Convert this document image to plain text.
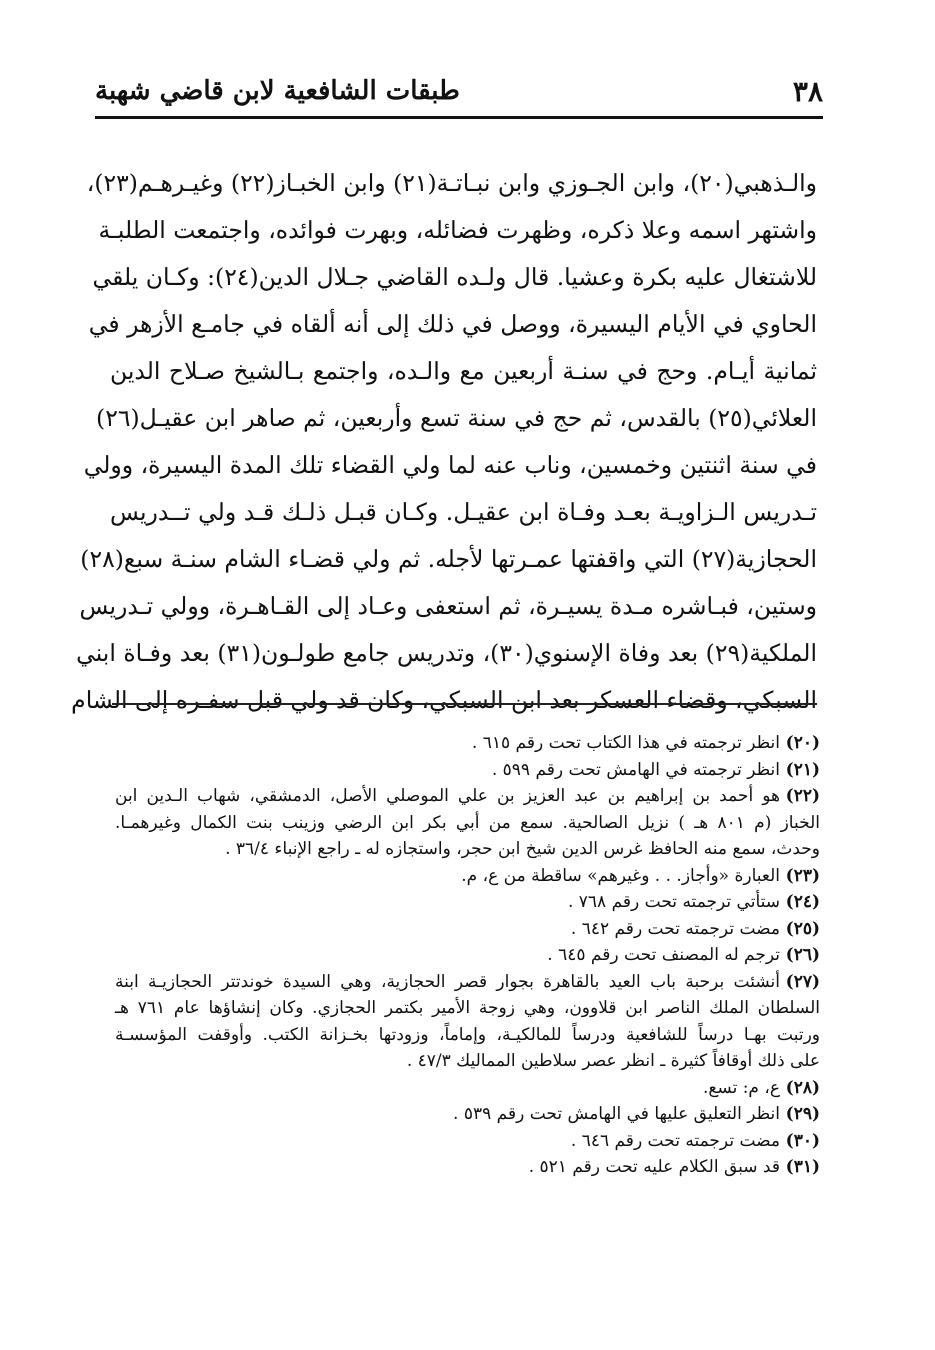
٣٨
طبقات الشافعية لابن قاضي شهبة
والـذهبي(٢٠)، وابن الجـوزي وابن نبـاتـة(٢١) وابن الخبـاز(٢٢) وغيـرهـم(٢٣)،
واشتهر اسمه وعلا ذكره، وظهرت فضائله، وبهرت فوائده، واجتمعت الطلبـة
للاشتغال عليه بكرة وعشيا. قال ولـده القاضي جـلال الدين(٢٤): وكـان يلقي
الحاوي في الأيام اليسيرة، ووصل في ذلك إلى أنه ألقاه في جامـع الأزهر في
ثمانية أيـام. وحج في سنـة أربعين مع والـده، واجتمع بـالشيخ صـلاح الدين
العلائي(٢٥) بالقدس، ثم حج في سنة تسع وأربعين، ثم صاهر ابن عقيـل(٢٦)
في سنة اثنتين وخمسين، وناب عنه لما ولي القضاء تلك المدة اليسيرة، وولي
تـدريس الـزاويـة بعـد وفـاة ابن عقيـل. وكـان قبـل ذلـك قـد ولي تــدريس
الحجازية(٢٧) التي واقفتها عمـرتها لأجله. ثم ولي قضـاء الشام سنـة سبع(٢٨)
وستين، فبـاشره مـدة يسيـرة، ثم استعفى وعـاد إلى القـاهـرة، وولي تـدريس
الملكية(٢٩) بعد وفاة الإسنوي(٣٠)، وتدريس جامع طولـون(٣١) بعد وفـاة ابني
السبكي، وقضاء العسكر بعد ابن السبكي، وكان قد ولي قبل سفـره إلى الشام
(٢٠)انظر ترجمته في هذا الكتاب تحت رقم ٦١٥ .
(٢١)انظر ترجمته في الهامش تحت رقم ٥٩٩ .
(٢٢)هو أحمد بن إبراهيم بن عبد العزيز بن علي الموصلي الأصل، الدمشقي، شهاب الـدين ابن
الخباز (م ٨٠١ هـ ) نزيل الصالحية. سمع من أبي بكر ابن الرضي وزينب بنت الكمال وغيرهمـا.
وحدث، سمع منه الحافظ غرس الدين شيخ ابن حجر، واستجازه له ـ راجع الإنباء ٣٦/٤ .
(٢٣)العبارة «وأجاز. . . وغيرهم» ساقطة من ع، م.
(٢٤)ستأتي ترجمته تحت رقم ٧٦٨ .
(٢٥)مضت ترجمته تحت رقم ٦٤٢ .
(٢٦)ترجم له المصنف تحت رقم ٦٤٥ .
(٢٧)أنشئت برحبة باب العيد بالقاهرة بجوار قصر الحجازية، وهي السيدة خوندتتر الحجازيـة ابنة
السلطان الملك الناصر ابن قلاوون، وهي زوجة الأمير بكتمر الحجازي. وكان إنشاؤها عام ٧٦١ هـ
ورتبت بهـا درساً للشافعية ودرساً للمالكيـة، وإماماً، وزودتها بخـزانة الكتب. وأوقفت المؤسسـة
على ذلك أوقافاً كثيرة ـ انظر عصر سلاطين المماليك ٤٧/٣ .
(٢٨)ع، م: تسع.
(٢٩)انظر التعليق عليها في الهامش تحت رقم ٥٣٩ .
(٣٠)مضت ترجمته تحت رقم ٦٤٦ .
(٣١)قد سبق الكلام عليه تحت رقم ٥٢١ .
